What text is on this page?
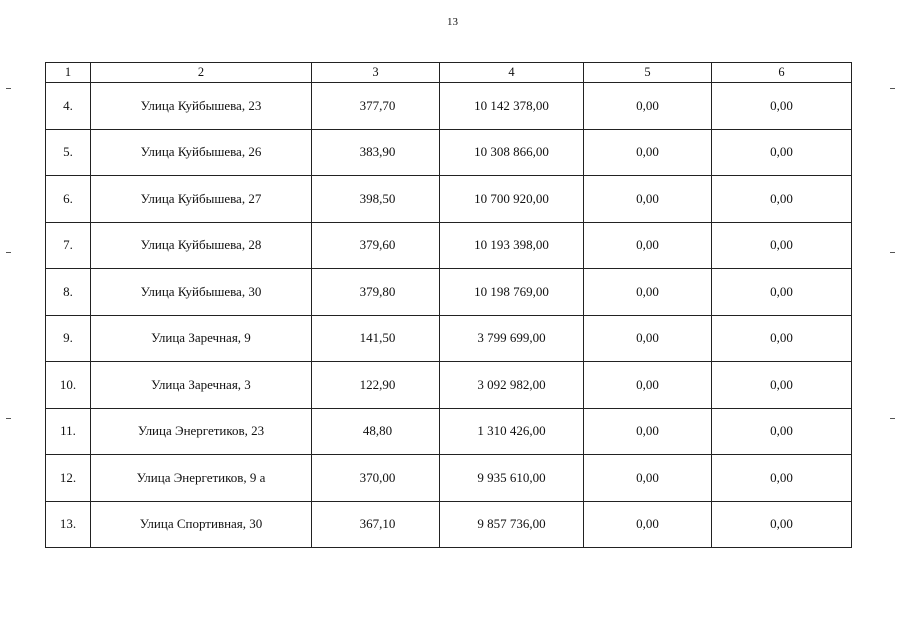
13
1	2	3	4	5	6
4.	Улица Куйбышева, 23	377,70	10 142 378,00	0,00	0,00
5.	Улица Куйбышева, 26	383,90	10 308 866,00	0,00	0,00
6.	Улица Куйбышева, 27	398,50	10 700 920,00	0,00	0,00
7.	Улица Куйбышева, 28	379,60	10 193 398,00	0,00	0,00
8.	Улица Куйбышева, 30	379,80	10 198 769,00	0,00	0,00
9.	Улица Заречная, 9	141,50	3 799 699,00	0,00	0,00
10.	Улица Заречная, 3	122,90	3 092 982,00	0,00	0,00
11.	Улица Энергетиков, 23	48,80	1 310 426,00	0,00	0,00
12.	Улица Энергетиков, 9 а	370,00	9 935 610,00	0,00	0,00
13.	Улица Спортивная, 30	367,10	9 857 736,00	0,00	0,00
